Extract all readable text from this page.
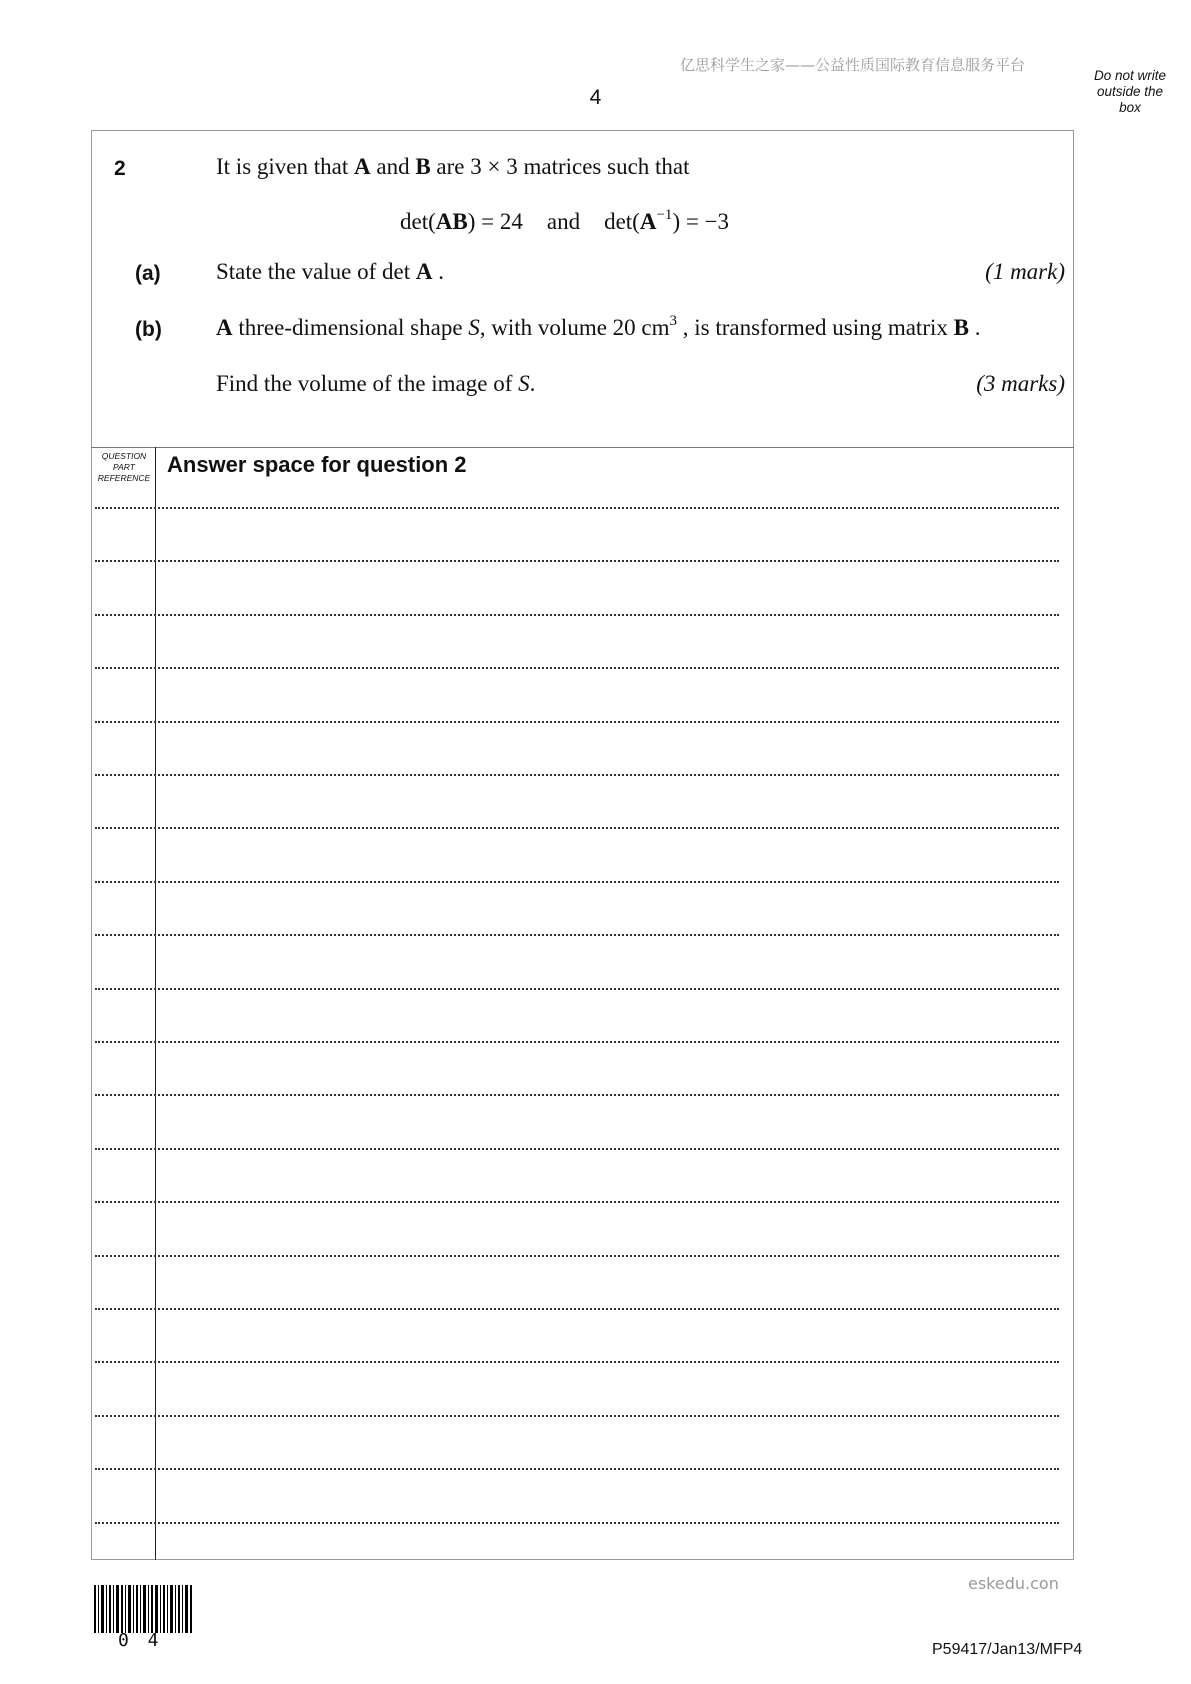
亿思科学生之家——公益性质国际教育信息服务平台
4
Do not write
outside the
box
2	It is given that A and B are 3 × 3 matrices such that
det(AB) = 24 and $\det(A^{-1}) = -3$
(a) State the value of det A .	(1 mark)
(b) A three-dimensional shape S, with volume 20 $cm^3$ , is transformed using matrix B .
Find the volume of the image of S.	(3 marks)
QUESTION
PART
REFERENCE
Answer space for question 2
eskedu.con
0 4	P59417/Jan13/MFP4
